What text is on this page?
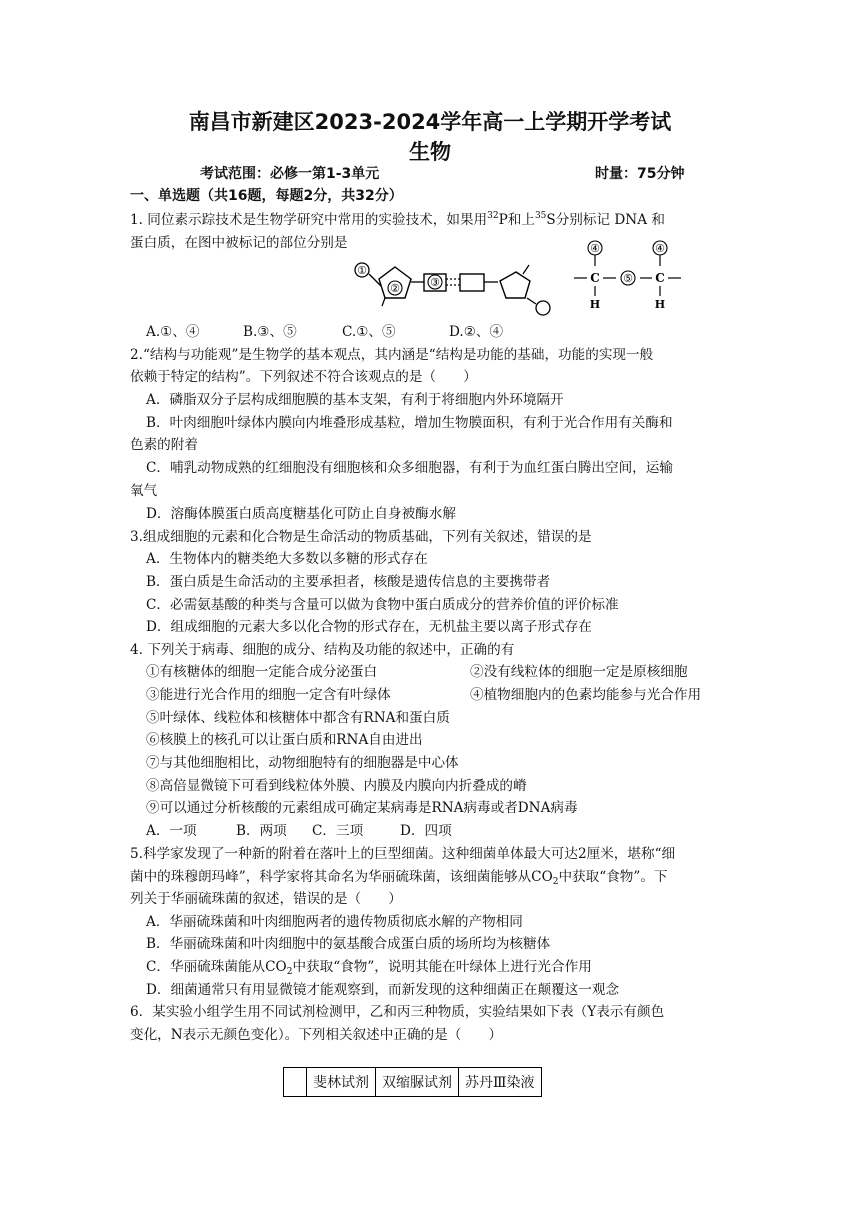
南昌市新建区2023-2024学年高一上学期开学考试
生物
考试范围：必修一第1-3单元	时量：75分钟
一、单选题（共16题，每题2分，共32分）
1. 同位素示踪技术是生物学研究中常用的实验技术，如果用$^{32}$P和上$^{35}$S分别标记 DNA 和
蛋白质，在图中被标记的部位分别是
①
②	③
④
C
H
⑤
④
C
H
A.①、④	B.③、⑤	C.①、⑤	D.②、④
2.“结构与功能观”是生物学的基本观点，其内涵是“结构是功能的基础，功能的实现一般
依赖于特定的结构”。下列叙述不符合该观点的是（　　）
A．磷脂双分子层构成细胞膜的基本支架，有利于将细胞内外环境隔开
B．叶肉细胞叶绿体内膜向内堆叠形成基粒，增加生物膜面积，有利于光合作用有关酶和
色素的附着
C．哺乳动物成熟的红细胞没有细胞核和众多细胞器，有利于为血红蛋白腾出空间，运输
氧气
D．溶酶体膜蛋白质高度糖基化可防止自身被酶水解
3.组成细胞的元素和化合物是生命活动的物质基础，下列有关叙述，错误的是
A．生物体内的糖类绝大多数以多糖的形式存在
B．蛋白质是生命活动的主要承担者，核酸是遗传信息的主要携带者
C．必需氨基酸的种类与含量可以做为食物中蛋白质成分的营养价值的评价标准
D．组成细胞的元素大多以化合物的形式存在，无机盐主要以离子形式存在
4. 下列关于病毒、细胞的成分、结构及功能的叙述中，正确的有
①有核糖体的细胞一定能合成分泌蛋白	②没有线粒体的细胞一定是原核细胞
③能进行光合作用的细胞一定含有叶绿体	④植物细胞内的色素均能参与光合作用
⑤叶绿体、线粒体和核糖体中都含有RNA和蛋白质
⑥核膜上的核孔可以让蛋白质和RNA自由进出
⑦与其他细胞相比，动物细胞特有的细胞器是中心体
⑧高倍显微镜下可看到线粒体外膜、内膜及内膜向内折叠成的嵴
⑨可以通过分析核酸的元素组成可确定某病毒是RNA病毒或者DNA病毒
A．一项	B．两项 C．三项	D．四项
5.科学家发现了一种新的附着在落叶上的巨型细菌。这种细菌单体最大可达2厘米，堪称“细
菌中的珠穆朗玛峰”，科学家将其命名为华丽硫珠菌，该细菌能够从$CO_2$中获取“食物”。下
列关于华丽硫珠菌的叙述，错误的是（　　）
A．华丽硫珠菌和叶肉细胞两者的遗传物质彻底水解的产物相同
B．华丽硫珠菌和叶肉细胞中的氨基酸合成蛋白质的场所均为核糖体
C．华丽硫珠菌能从$CO_2$中获取“食物”，说明其能在叶绿体上进行光合作用
D．细菌通常只有用显微镜才能观察到，而新发现的这种细菌正在颠覆这一观念
6．某实验小组学生用不同试剂检测甲，乙和丙三种物质，实验结果如下表（Y表示有颜色
变化，N表示无颜色变化）。下列相关叙述中正确的是（　　）
	斐林试剂	双缩脲试剂	苏丹Ⅲ染液
